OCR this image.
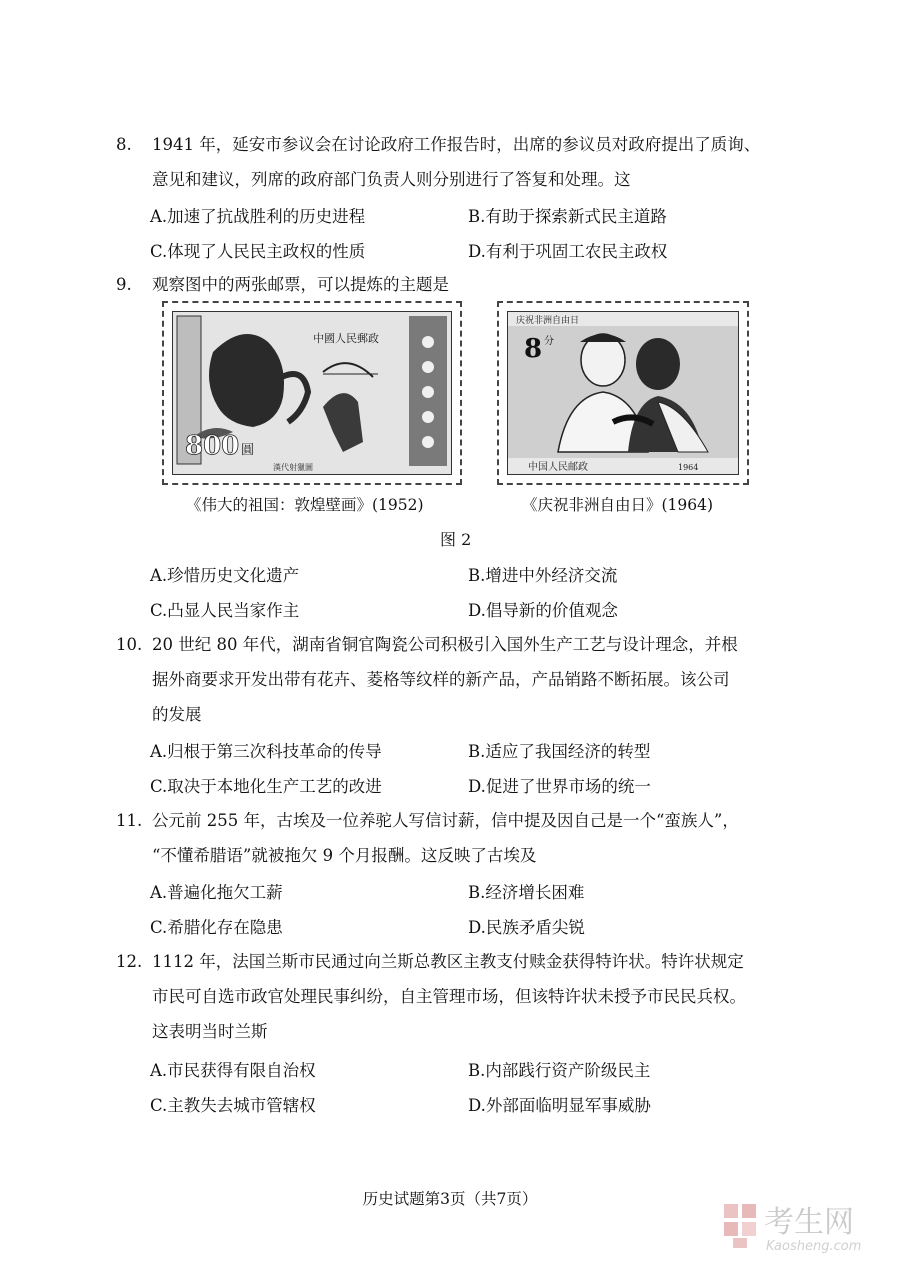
8.	1941 年，延安市参议会在讨论政府工作报告时，出席的参议员对政府提出了质询、
意见和建议，列席的政府部门负责人则分别进行了答复和处理。这
A.加速了抗战胜利的历史进程	B.有助于探索新式民主道路
C.体现了人民民主政权的性质	D.有利于巩固工农民主政权
9.	观察图中的两张邮票，可以提炼的主题是
中國人民郵政
800 圓
漢代射獵圖
庆祝非洲自由日
8 分
中国人民邮政	1964
《伟大的祖国：敦煌壁画》(1952)	《庆祝非洲自由日》(1964)
图 2
A.珍惜历史文化遗产	B.增进中外经济交流
C.凸显人民当家作主	D.倡导新的价值观念
10. 20 世纪 80 年代，湖南省铜官陶瓷公司积极引入国外生产工艺与设计理念，并根
据外商要求开发出带有花卉、菱格等纹样的新产品，产品销路不断拓展。该公司
的发展
A.归根于第三次科技革命的传导	B.适应了我国经济的转型
C.取决于本地化生产工艺的改进	D.促进了世界市场的统一
11. 公元前 255 年，古埃及一位养驼人写信讨薪，信中提及因自己是一个“蛮族人”，
“不懂希腊语”就被拖欠 9 个月报酬。这反映了古埃及
A.普遍化拖欠工薪	B.经济增长困难
C.希腊化存在隐患	D.民族矛盾尖锐
12. 1112 年，法国兰斯市民通过向兰斯总教区主教支付赎金获得特许状。特许状规定
市民可自选市政官处理民事纠纷，自主管理市场，但该特许状未授予市民民兵权。
这表明当时兰斯
A.市民获得有限自治权	B.内部践行资产阶级民主
C.主教失去城市管辖权	D.外部面临明显军事威胁
历史试题第3页（共7页）
考生网
Kaosheng.com
